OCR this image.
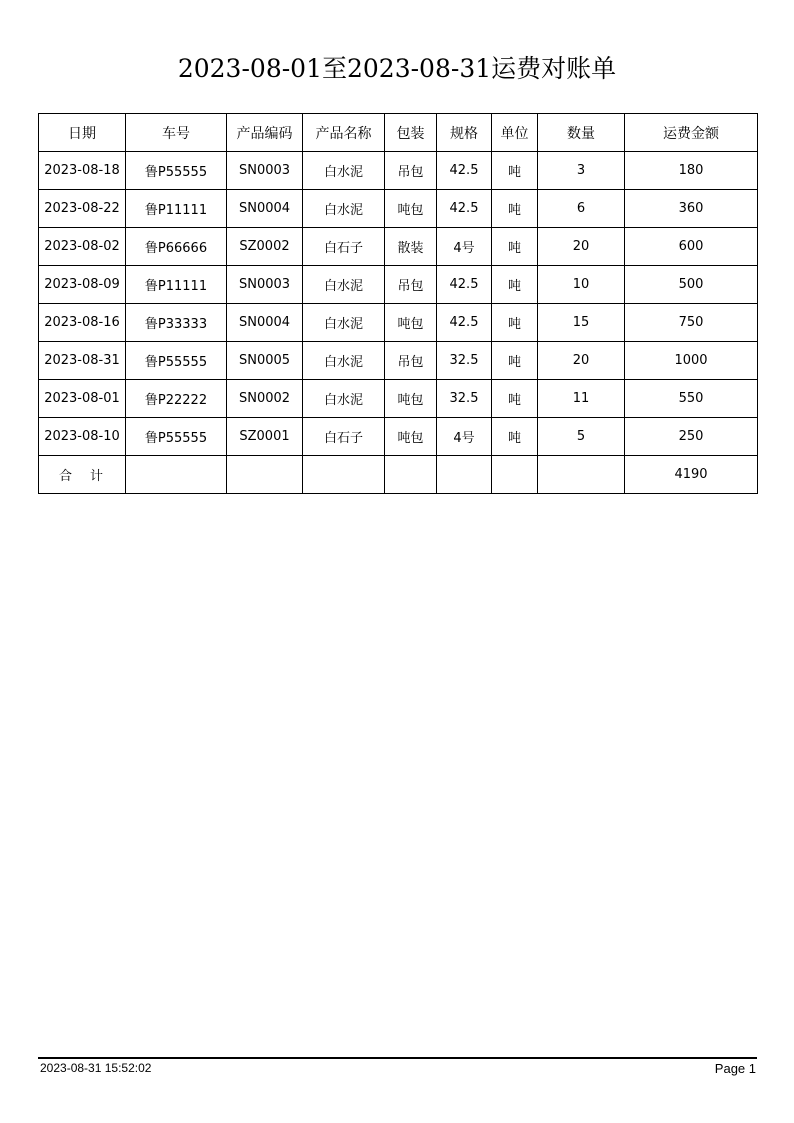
2023-08-01至2023-08-31运费对账单
日期	车号	产品编码	产品名称	包装	规格	单位	数量	运费金额
2023-08-18	鲁P55555	SN0003	白水泥	吊包	42.5	吨	3	180
2023-08-22	鲁P11111	SN0004	白水泥	吨包	42.5	吨	6	360
2023-08-02	鲁P66666	SZ0002	白石子	散装	4号	吨	20	600
2023-08-09	鲁P11111	SN0003	白水泥	吊包	42.5	吨	10	500
2023-08-16	鲁P33333	SN0004	白水泥	吨包	42.5	吨	15	750
2023-08-31	鲁P55555	SN0005	白水泥	吊包	32.5	吨	20	1000
2023-08-01	鲁P22222	SN0002	白水泥	吨包	32.5	吨	11	550
2023-08-10	鲁P55555	SZ0001	白石子	吨包	4号	吨	5	250
合计								4190
2023-08-31 15:52:02	Page 1
